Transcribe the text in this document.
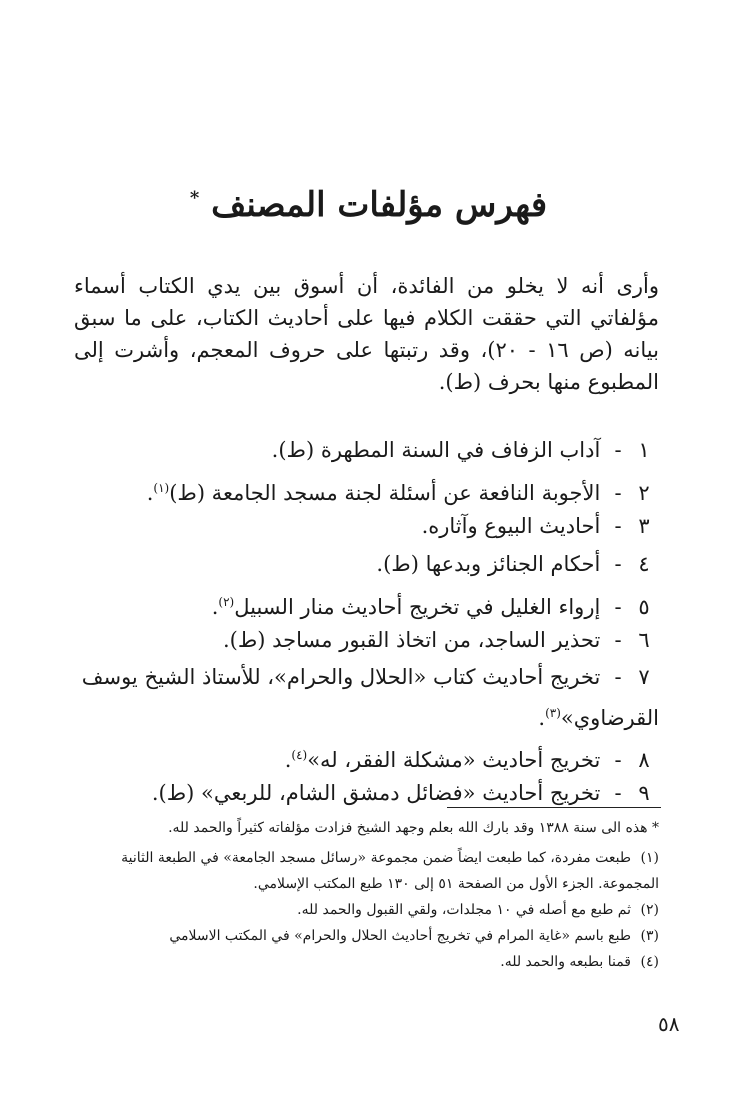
فهرس مؤلفات المصنف *

وأرى أنه لا يخلو من الفائدة، أن أسوق بين يدي الكتاب أسماء مؤلفاتي التي حققت الكلام فيها على أحاديث الكتاب، على ما سبق بيانه (ص ١٦ - ٢٠)، وقد رتبتها على حروف المعجم، وأشرت إلى المطبوع منها بحرف (ط).

١- آداب الزفاف في السنة المطهرة (ط).
٢- الأجوبة النافعة عن أسئلة لجنة مسجد الجامعة (ط)$^{(١)}$.
٣- أحاديث البيوع وآثاره.
٤- أحكام الجنائز وبدعها (ط).
٥- إرواء الغليل في تخريج أحاديث منار السبيل$^{(٢)}$.
٦- تحذير الساجد، من اتخاذ القبور مساجد (ط).
٧- تخريج أحاديث كتاب «الحلال والحرام»، للأستاذ الشيخ يوسف القرضاوي»$^{(٣)}$.
٨- تخريج أحاديث «مشكلة الفقر، له»$^{(٤)}$.
٩- تخريج أحاديث «فضائل دمشق الشام، للربعي» (ط).

* هذه الى سنة ١٣٨٨ وقد بارك الله بعلم وجهد الشيخ فزادت مؤلفاته كثيراً والحمد لله.

(١)طبعت مفردة، كما طبعت ايضاً ضمن مجموعة «رسائل مسجد الجامعة» في الطبعة الثانية المجموعة. الجزء الأول من الصفحة ٥١ إلى ١٣٠ طبع المكتب الإسلامي.
(٢)ثم طبع مع أصله في ١٠ مجلدات، ولقي القبول والحمد لله.
(٣)طبع باسم «غاية المرام في تخريج أحاديث الحلال والحرام» في المكتب الاسلامي
(٤)قمنا بطبعه والحمد لله.
٥٨
